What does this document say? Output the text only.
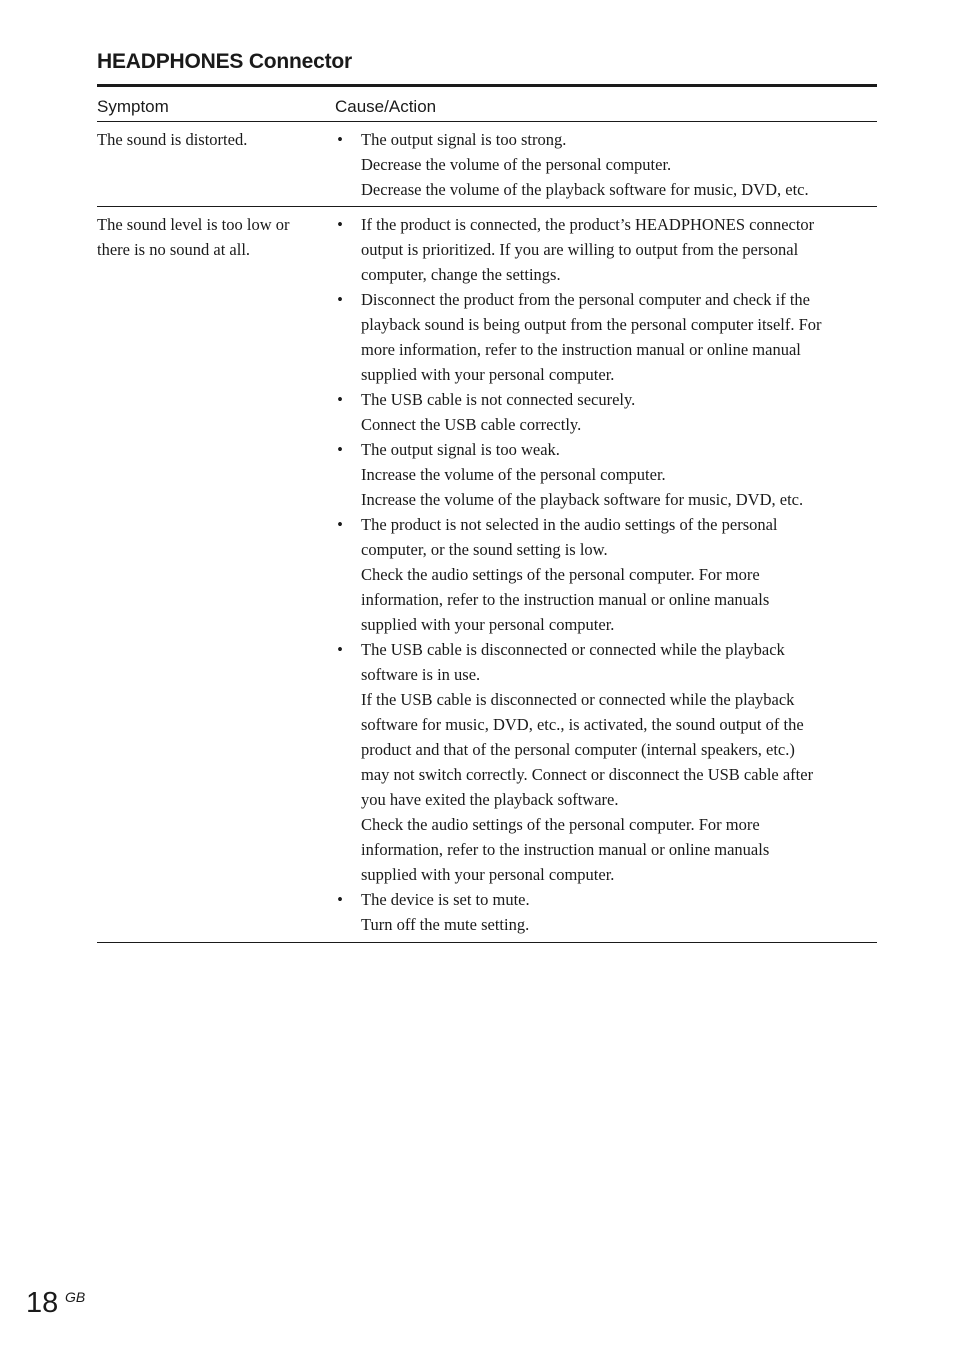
HEADPHONES Connector
Symptom	Cause/Action
The sound is distorted.	• The output signal is too strong.
Decrease the volume of the personal computer.
Decrease the volume of the playback software for music, DVD, etc.
The sound level is too low or there is no sound at all.
• If the product is connected, the product’s HEADPHONES connector
output is prioritized. If you are willing to output from the personal
computer, change the settings.
• Disconnect the product from the personal computer and check if the
playback sound is being output from the personal computer itself. For
more information, refer to the instruction manual or online manual
supplied with your personal computer.
• The USB cable is not connected securely.
Connect the USB cable correctly.
• The output signal is too weak.
Increase the volume of the personal computer.
Increase the volume of the playback software for music, DVD, etc.
• The product is not selected in the audio settings of the personal
computer, or the sound setting is low.
Check the audio settings of the personal computer. For more
information, refer to the instruction manual or online manuals
supplied with your personal computer.
• The USB cable is disconnected or connected while the playback
software is in use.
If the USB cable is disconnected or connected while the playback
software for music, DVD, etc., is activated, the sound output of the
product and that of the personal computer (internal speakers, etc.)
may not switch correctly. Connect or disconnect the USB cable after
you have exited the playback software.
Check the audio settings of the personal computer. For more
information, refer to the instruction manual or online manuals
supplied with your personal computer.
• The device is set to mute.
Turn off the mute setting.
18 GB
